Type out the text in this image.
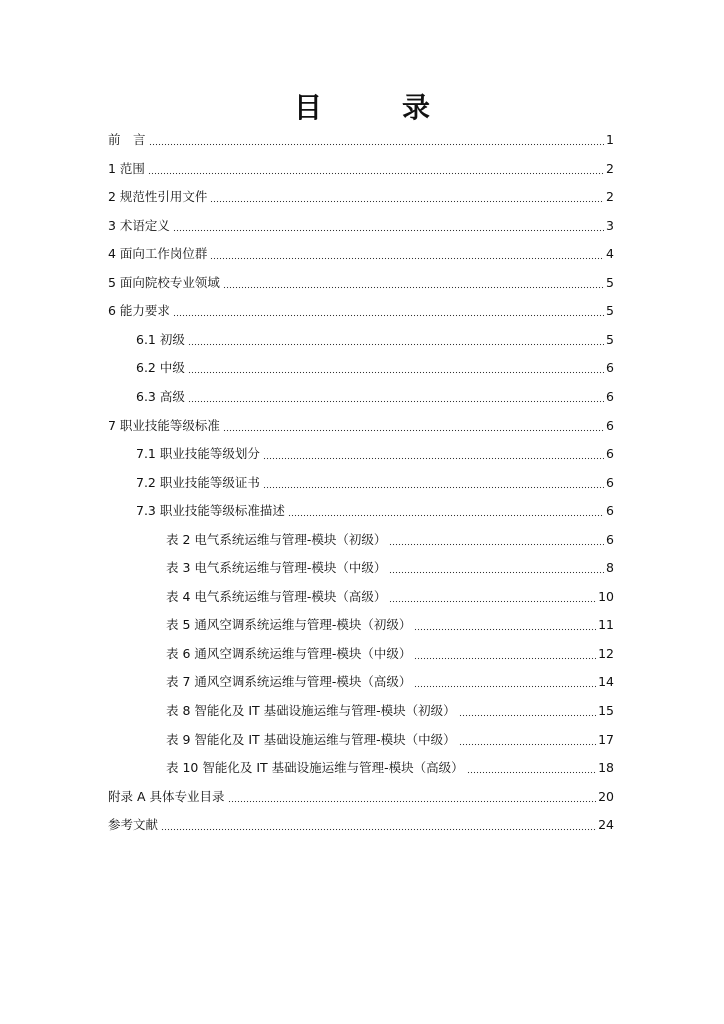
目　录
前　言	1
1 范围	2
2 规范性引用文件	2
3 术语定义	3
4 面向工作岗位群	4
5 面向院校专业领域	5
6 能力要求	5
6.1 初级	5
6.2 中级	6
6.3 高级	6
7 职业技能等级标准	6
7.1 职业技能等级划分	6
7.2 职业技能等级证书	6
7.3 职业技能等级标准描述	6
表 2 电气系统运维与管理-模块（初级）	6
表 3 电气系统运维与管理-模块（中级）	8
表 4 电气系统运维与管理-模块（高级）	10
表 5 通风空调系统运维与管理-模块（初级）	11
表 6 通风空调系统运维与管理-模块（中级）	12
表 7 通风空调系统运维与管理-模块（高级）	14
表 8 智能化及 IT 基础设施运维与管理-模块（初级）	15
表 9 智能化及 IT 基础设施运维与管理-模块（中级）	17
表 10 智能化及 IT 基础设施运维与管理-模块（高级）	18
附录 A 具体专业目录	20
参考文献	24
